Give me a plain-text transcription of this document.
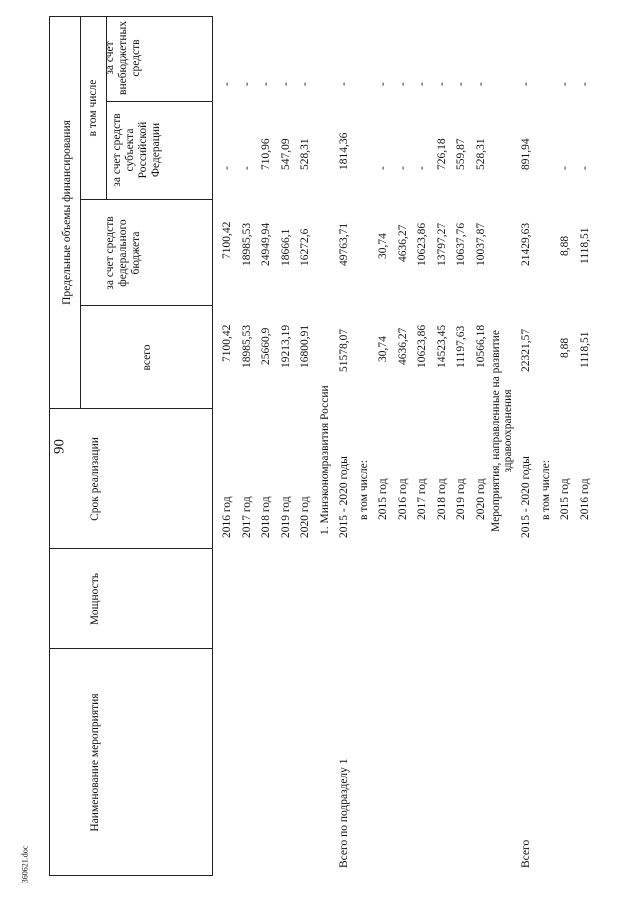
90
360621.doc
Наименование мероприятия
Мощность
Срок реализации
Предельные объемы финансирования
всего
в том числе
за счет средств федерального бюджета
за счет средств субъекта Российской Федерации
за счет внебюджетных средств
2016 год
7100,42
7100,42
-
-
2017 год
18985,53
18985,53
-
-
2018 год
25660,9
24949,94
710,96
-
2019 год
19213,19
18666,1
547,09
-
2020 год
16800,91
16272,6
528,31
-
1. Минэкономразвития России
Всего по подразделу 1
2015 - 2020 годы
51578,07
49763,71
1814,36
-
в том числе: 2015 год
30,74
30,74
-
-
2016 год
4636,27
4636,27
-
-
2017 год
10623,86
10623,86
-
-
2018 год
14523,45
13797,27
726,18
-
2019 год
11197,63
10637,76
559,87
-
2020 год
10566,18
10037,87
528,31
-
Мероприятия, направленные на развитие здравоохранения
Всего
2015 - 2020 годы
22321,57
21429,63
891,94
-
в том числе: 2015 год
8,88
8,88
-
-
2016 год
1118,51
1118,51
-
-
